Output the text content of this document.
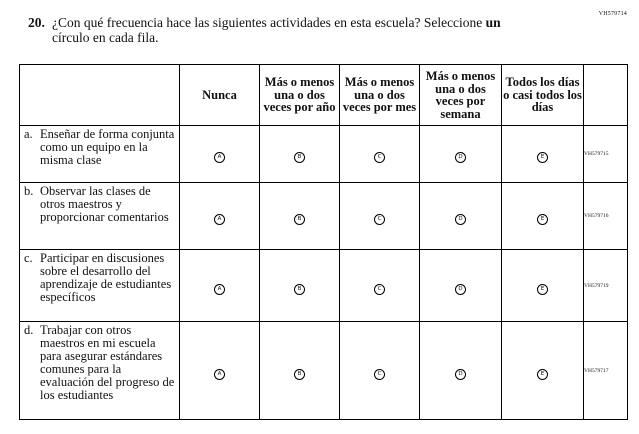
VH579714
20. ¿Con qué frecuencia hace las siguientes actividades en esta escuela? Seleccione un
círculo en cada fila.
	Nunca	Más o menos una o dos veces por año	Más o menos una o dos veces por mes	Más o menos una o dos veces por semana	Todos los días o casi todos los días	

a. Enseñar de forma conjunta como un equipo en la misma clase	A	B	C	D	E	VH579715

b. Observar las clases de otros maestros y proporcionar comentarios	A	B	C	D	E	VH579716

c. Participar en discusiones sobre el desarrollo del aprendizaje de estudiantes específicos	A	B	C	D	E	VH579719

d. Trabajar con otros maestros en mi escuela para asegurar estándares comunes para la evaluación del progreso de los estudiantes	A	B	C	D	E	VH579717
